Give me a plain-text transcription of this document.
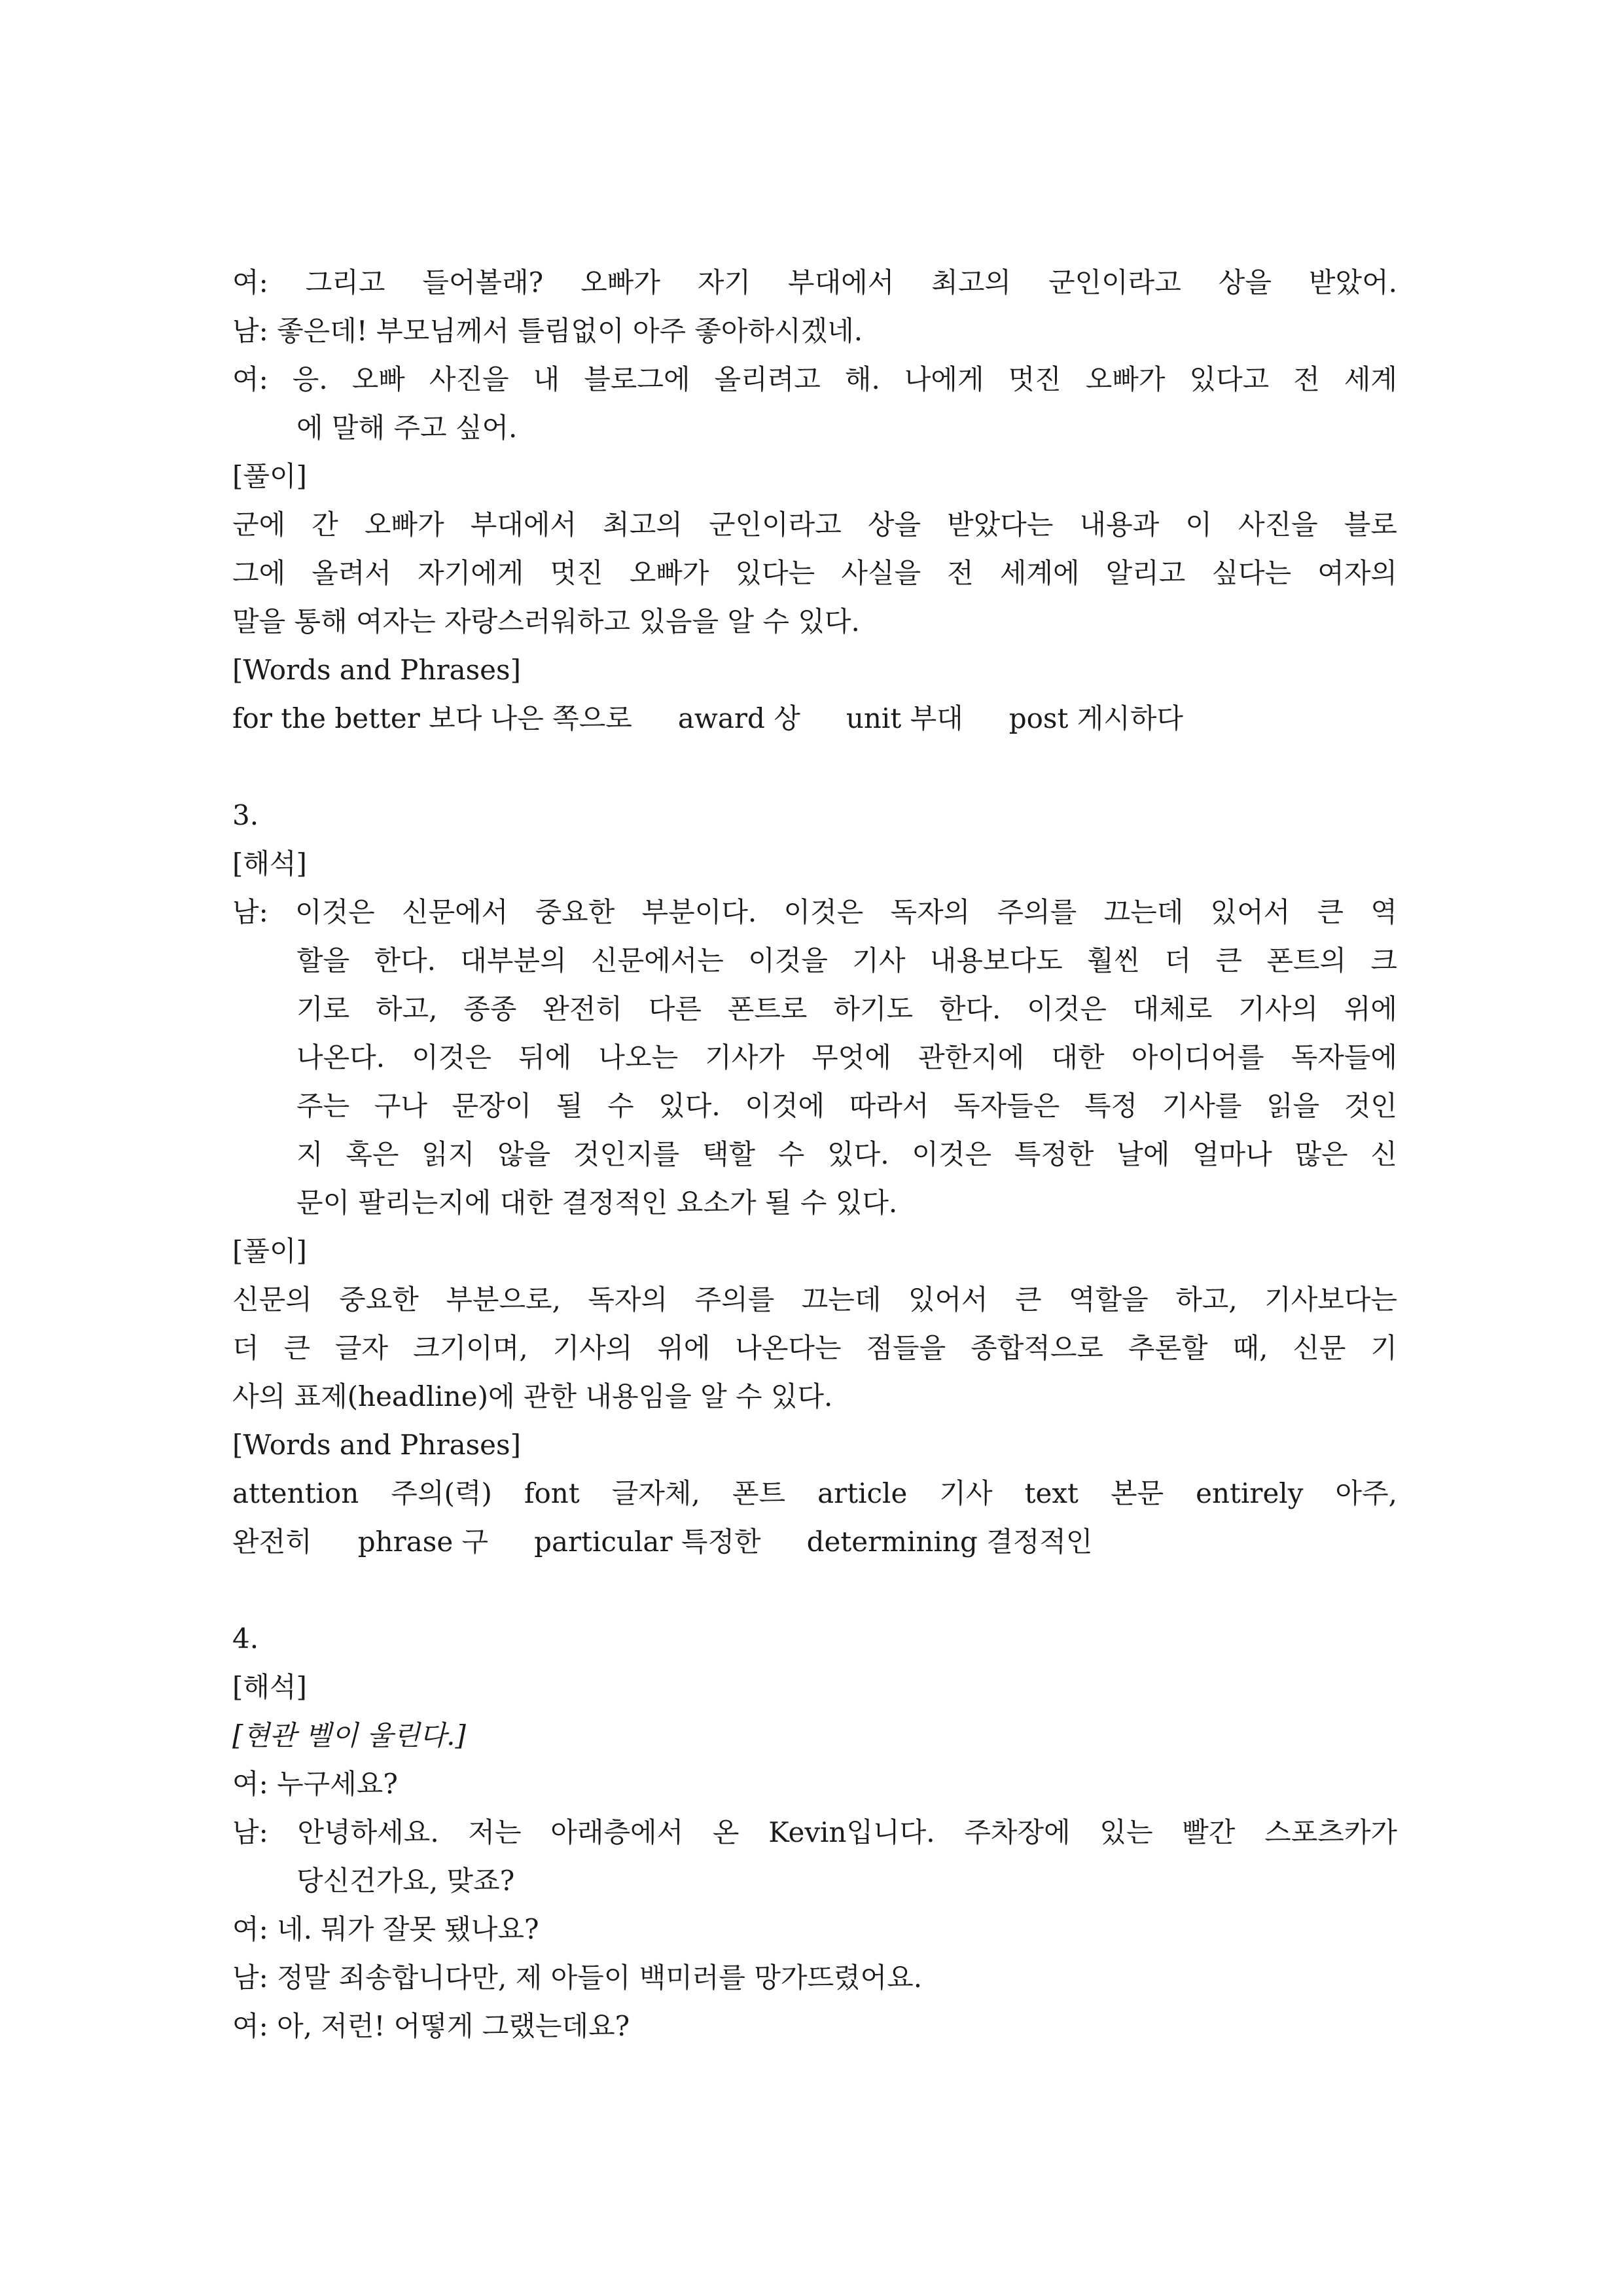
여: 그리고 들어볼래? 오빠가 자기 부대에서 최고의 군인이라고 상을 받았어.
남: 좋은데! 부모님께서 틀림없이 아주 좋아하시겠네.
여: 응. 오빠 사진을 내 블로그에 올리려고 해. 나에게 멋진 오빠가 있다고 전 세계
에 말해 주고 싶어.
[풀이]
군에 간 오빠가 부대에서 최고의 군인이라고 상을 받았다는 내용과 이 사진을 블로
그에 올려서 자기에게 멋진 오빠가 있다는 사실을 전 세계에 알리고 싶다는 여자의
말을 통해 여자는 자랑스러워하고 있음을 알 수 있다.
[Words and Phrases]
for the better 보다 나은 쪽으로 award 상 unit 부대 post 게시하다
3.
[해석]
남: 이것은 신문에서 중요한 부분이다. 이것은 독자의 주의를 끄는데 있어서 큰 역
할을 한다. 대부분의 신문에서는 이것을 기사 내용보다도 훨씬 더 큰 폰트의 크
기로 하고, 종종 완전히 다른 폰트로 하기도 한다. 이것은 대체로 기사의 위에
나온다. 이것은 뒤에 나오는 기사가 무엇에 관한지에 대한 아이디어를 독자들에
주는 구나 문장이 될 수 있다. 이것에 따라서 독자들은 특정 기사를 읽을 것인
지 혹은 읽지 않을 것인지를 택할 수 있다. 이것은 특정한 날에 얼마나 많은 신
문이 팔리는지에 대한 결정적인 요소가 될 수 있다.
[풀이]
신문의 중요한 부분으로, 독자의 주의를 끄는데 있어서 큰 역할을 하고, 기사보다는
더 큰 글자 크기이며, 기사의 위에 나온다는 점들을 종합적으로 추론할 때, 신문 기
사의 표제(headline)에 관한 내용임을 알 수 있다.
[Words and Phrases]
attention 주의(력) font 글자체, 폰트 article 기사 text 본문 entirely 아주,
완전히 phrase 구 particular 특정한 determining 결정적인
4.
[해석]
[현관 벨이 울린다.]
여: 누구세요?
남: 안녕하세요. 저는 아래층에서 온 Kevin입니다. 주차장에 있는 빨간 스포츠카가
당신건가요, 맞죠?
여: 네. 뭐가 잘못 됐나요?
남: 정말 죄송합니다만, 제 아들이 백미러를 망가뜨렸어요.
여: 아, 저런! 어떻게 그랬는데요?
